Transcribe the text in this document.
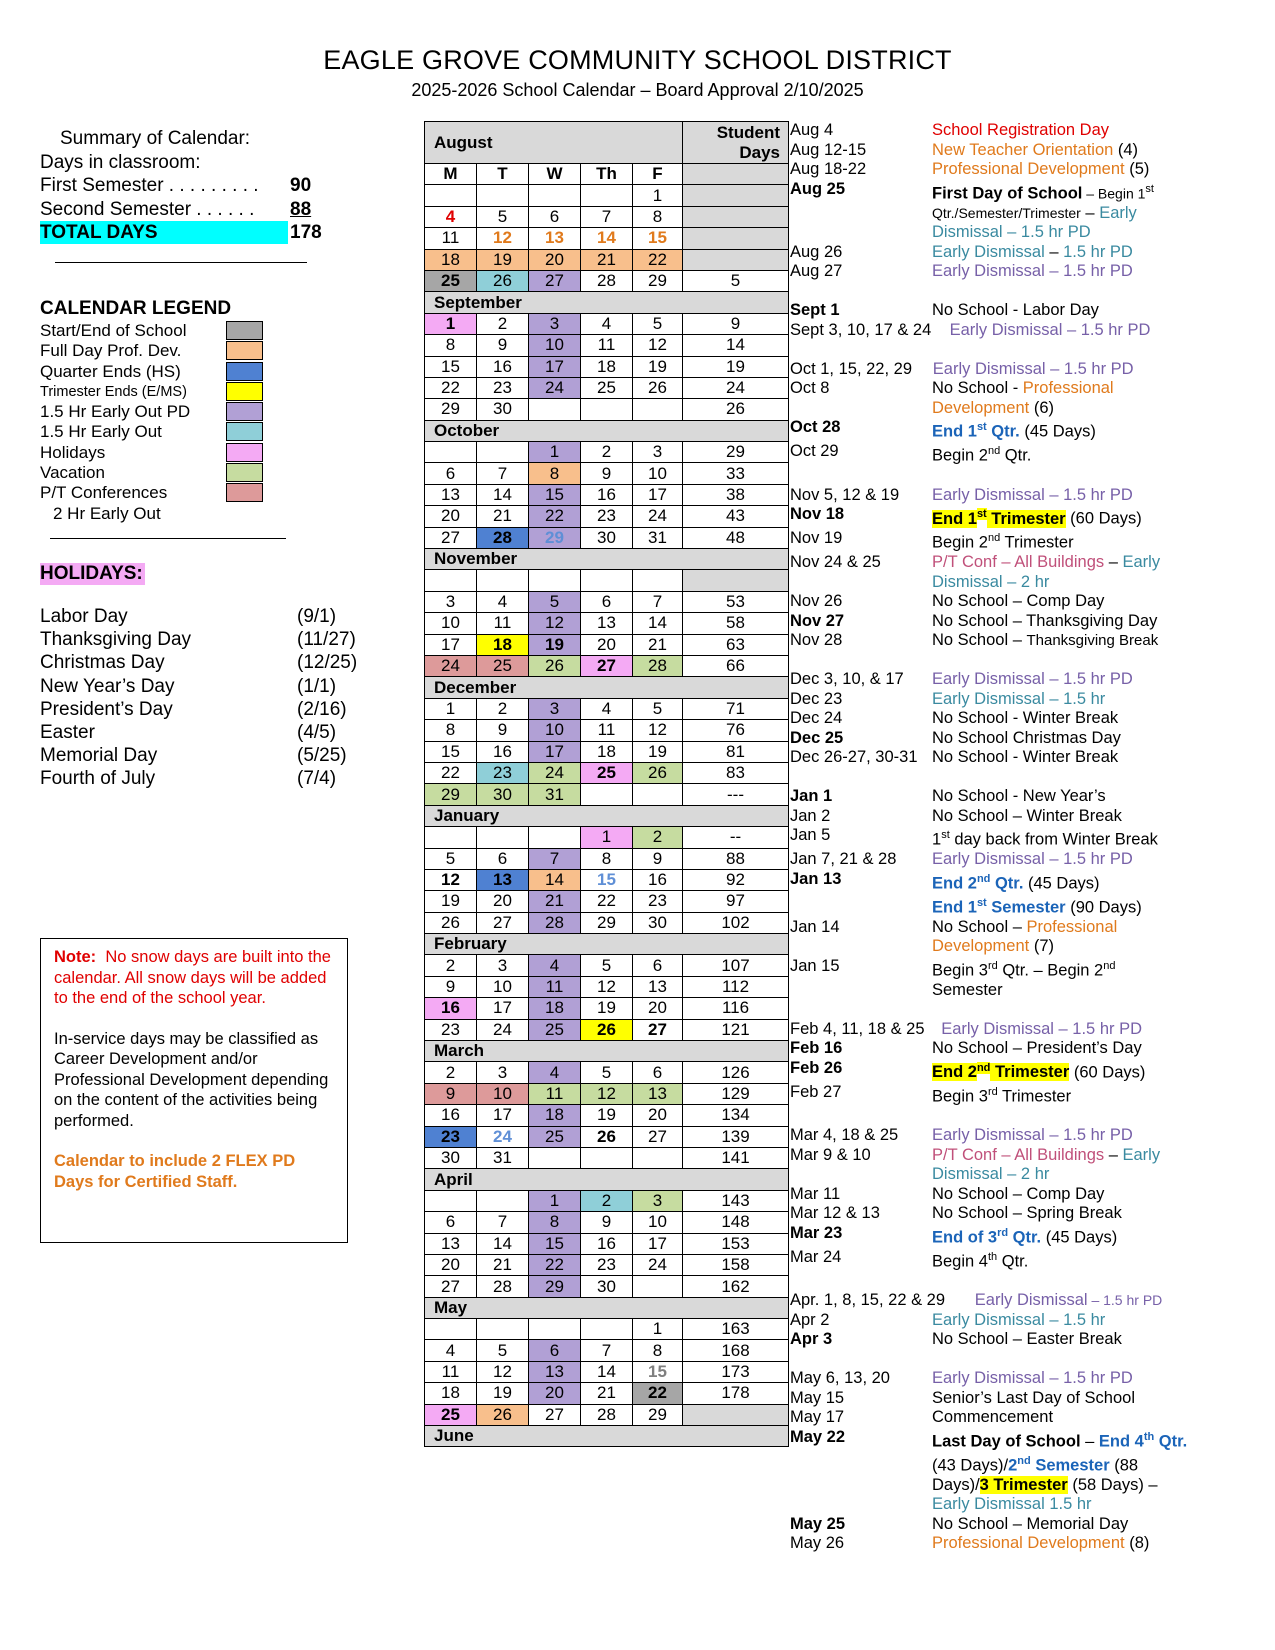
EAGLE GROVE COMMUNITY SCHOOL DISTRICT
2025-2026 School Calendar – Board Approval 2/10/2025
Summary of Calendar:
Days in classroom:
First Semester . . . . . . . . . 90
Second Semester . . . . . . 88
TOTAL DAYS	178
CALENDAR LEGEND
Start/End of School
Full Day Prof. Dev.
Quarter Ends (HS)
Trimester Ends (E/MS)
1.5 Hr Early Out PD
1.5 Hr Early Out
Holidays
Vacation
P/T Conferences
2 Hr Early Out
HOLIDAYS:
Labor Day	(9/1)
Thanksgiving Day	(11/27)
Christmas Day	(12/25)
New Year’s Day	(1/1)
President’s Day	(2/16)
Easter	(4/5)
Memorial Day	(5/25)
Fourth of July	(7/4)

Note: No snow days are built into the calendar. All snow days will be added to the end of the school year.

In-service days may be classified as Career Development and/or Professional Development depending on the content of the activities being performed.

Calendar to include 2 FLEX PD Days for Certified Staff.

August					Student Days
M	T	W	Th	F	
				1	
4	5	6	7	8	
11	12	13	14	15	
18	19	20	21	22	
25	26	27	28	29	5
September					
1	2	3	4	5	9
8	9	10	11	12	14
15	16	17	18	19	19
22	23	24	25	26	24
29	30				26
October					
		1	2	3	29
6	7	8	9	10	33
13	14	15	16	17	38
20	21	22	23	24	43
27	28	29	30	31	48
November					

3	4	5	6	7	53
10	11	12	13	14	58
17	18	19	20	21	63
24	25	26	27	28	66
December					
1	2	3	4	5	71
8	9	10	11	12	76
15	16	17	18	19	81
22	23	24	25	26	83
29	30	31			---
January					
			1	2	--
5	6	7	8	9	88
12	13	14	15	16	92
19	20	21	22	23	97
26	27	28	29	30	102
February					
2	3	4	5	6	107
9	10	11	12	13	112
16	17	18	19	20	116
23	24	25	26	27	121
March					
2	3	4	5	6	126
9	10	11	12	13	129
16	17	18	19	20	134
23	24	25	26	27	139
30	31				141
April					
		1	2	3	143
6	7	8	9	10	148
13	14	15	16	17	153
20	21	22	23	24	158
27	28	29	30		162
May					
				1	163
4	5	6	7	8	168
11	12	13	14	15	173
18	19	20	21	22	178
25	26	27	28	29	
June					
Aug 4	School Registration Day
Aug 12-15	New Teacher Orientation (4)
Aug 18-22	Professional Development (5)
Aug 25	First Day of School – Begin 1st Qtr./Semester/Trimester – Early Dismissal – 1.5 hr PD
Aug 26	Early Dismissal – 1.5 hr PD
Aug 27	Early Dismissal – 1.5 hr PD
Sept 1	No School - Labor Day
Sept 3, 10, 17 & 24	Early Dismissal – 1.5 hr PD
Oct 1, 15, 22, 29	Early Dismissal – 1.5 hr PD
Oct 8	No School - Professional Development (6)
Oct 28	End 1st Qtr. (45 Days)
Oct 29	Begin 2nd Qtr.
Nov 5, 12 & 19 Early Dismissal – 1.5 hr PD
Nov 18	End 1st Trimester (60 Days)
Nov 19	Begin 2nd Trimester
Nov 24 & 25	P/T Conf – All Buildings – Early Dismissal – 2 hr
Nov 26	No School – Comp Day
Nov 27	No School – Thanksgiving Day
Nov 28	No School – Thanksgiving Break
Dec 3, 10, & 17 Early Dismissal – 1.5 hr PD
Dec 23	Early Dismissal – 1.5 hr
Dec 24	No School - Winter Break
Dec 25	No School Christmas Day
Dec 26-27, 30-31 No School - Winter Break
Jan 1	No School - New Year’s
Jan 2	No School – Winter Break
Jan 5	1st day back from Winter Break
Jan 7, 21 & 28 Early Dismissal – 1.5 hr PD
Jan 13	End 2nd Qtr. (45 Days)
End 1st Semester (90 Days)
Jan 14	No School – Professional Development (7)
Jan 15	Begin 3rd Qtr. – Begin 2nd Semester
Feb 4, 11, 18 & 25	Early Dismissal – 1.5 hr PD
Feb 16	No School – President’s Day
Feb 26	End 2nd Trimester (60 Days)
Feb 27	Begin 3rd Trimester
Mar 4, 18 & 25 Early Dismissal – 1.5 hr PD
Mar 9 & 10	P/T Conf – All Buildings – Early Dismissal – 2 hr
Mar 11	No School – Comp Day
Mar 12 & 13	No School – Spring Break
Mar 23	End of 3rd Qtr. (45 Days)
Mar 24	Begin 4th Qtr.
Apr. 1, 8, 15, 22 & 29	Early Dismissal – 1.5 hr PD
Apr 2	Early Dismissal – 1.5 hr
Apr 3	No School – Easter Break
May 6, 13, 20	Early Dismissal – 1.5 hr PD
May 15	Senior’s Last Day of School
May 17	Commencement
May 22	Last Day of School – End 4th Qtr. (43 Days)/2nd Semester (88 Days)/3 Trimester (58 Days) – Early Dismissal 1.5 hr
May 25	No School – Memorial Day
May 26	Professional Development (8)
